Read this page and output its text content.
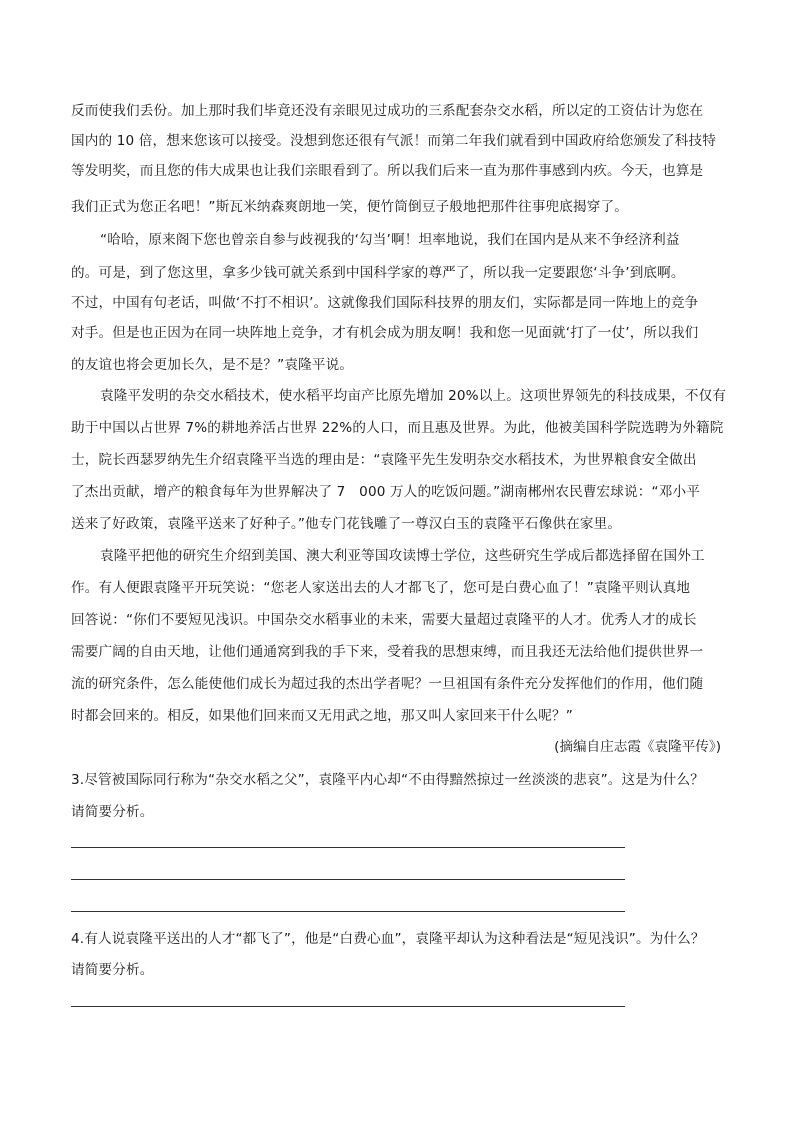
反而使我们丢份。加上那时我们毕竟还没有亲眼见过成功的三系配套杂交水稻，所以定的工资估计为您在
国内的 10 倍，想来您该可以接受。没想到您还很有气派！而第二年我们就看到中国政府给您颁发了科技特
等发明奖，而且您的伟大成果也让我们亲眼看到了。所以我们后来一直为那件事感到内疚。今天，也算是
我们正式为您正名吧！”斯瓦米纳森爽朗地一笑，便竹筒倒豆子般地把那件往事兜底揭穿了。
“哈哈，原来阁下您也曾亲自参与歧视我的‘勾当’啊！坦率地说，我们在国内是从来不争经济利益
的。可是，到了您这里，拿多少钱可就关系到中国科学家的尊严了，所以我一定要跟您‘斗争’到底啊。
不过，中国有句老话，叫做‘不打不相识’。这就像我们国际科技界的朋友们，实际都是同一阵地上的竞争
对手。但是也正因为在同一块阵地上竞争，才有机会成为朋友啊！我和您一见面就‘打了一仗’，所以我们
的友谊也将会更加长久，是不是？”袁隆平说。
袁隆平发明的杂交水稻技术，使水稻平均亩产比原先增加 20%以上。这项世界领先的科技成果，不仅有
助于中国以占世界 7%的耕地养活占世界 22%的人口，而且惠及世界。为此，他被美国科学院选聘为外籍院
士，院长西瑟罗纳先生介绍袁隆平当选的理由是：“袁隆平先生发明杂交水稻技术，为世界粮食安全做出
了杰出贡献，增产的粮食每年为世界解决了 7　000 万人的吃饭问题。”湖南郴州农民曹宏球说：“邓小平
送来了好政策，袁隆平送来了好种子。”他专门花钱雕了一尊汉白玉的袁隆平石像供在家里。
袁隆平把他的研究生介绍到美国、澳大利亚等国攻读博士学位，这些研究生学成后都选择留在国外工
作。有人便跟袁隆平开玩笑说：“您老人家送出去的人才都飞了，您可是白费心血了！”袁隆平则认真地
回答说：“你们不要短见浅识。中国杂交水稻事业的未来，需要大量超过袁隆平的人才。优秀人才的成长
需要广阔的自由天地，让他们通通窝到我的手下来，受着我的思想束缚，而且我还无法给他们提供世界一
流的研究条件，怎么能使他们成长为超过我的杰出学者呢？一旦祖国有条件充分发挥他们的作用，他们随
时都会回来的。相反，如果他们回来而又无用武之地，那又叫人家回来干什么呢？”
(摘编自庄志霞《袁隆平传》)
3.尽管被国际同行称为“杂交水稻之父”，袁隆平内心却“不由得黯然掠过一丝淡淡的悲哀”。这是为什么？
请简要分析。
4.有人说袁隆平送出的人才“都飞了”，他是“白费心血”，袁隆平却认为这种看法是“短见浅识”。为什么？
请简要分析。
